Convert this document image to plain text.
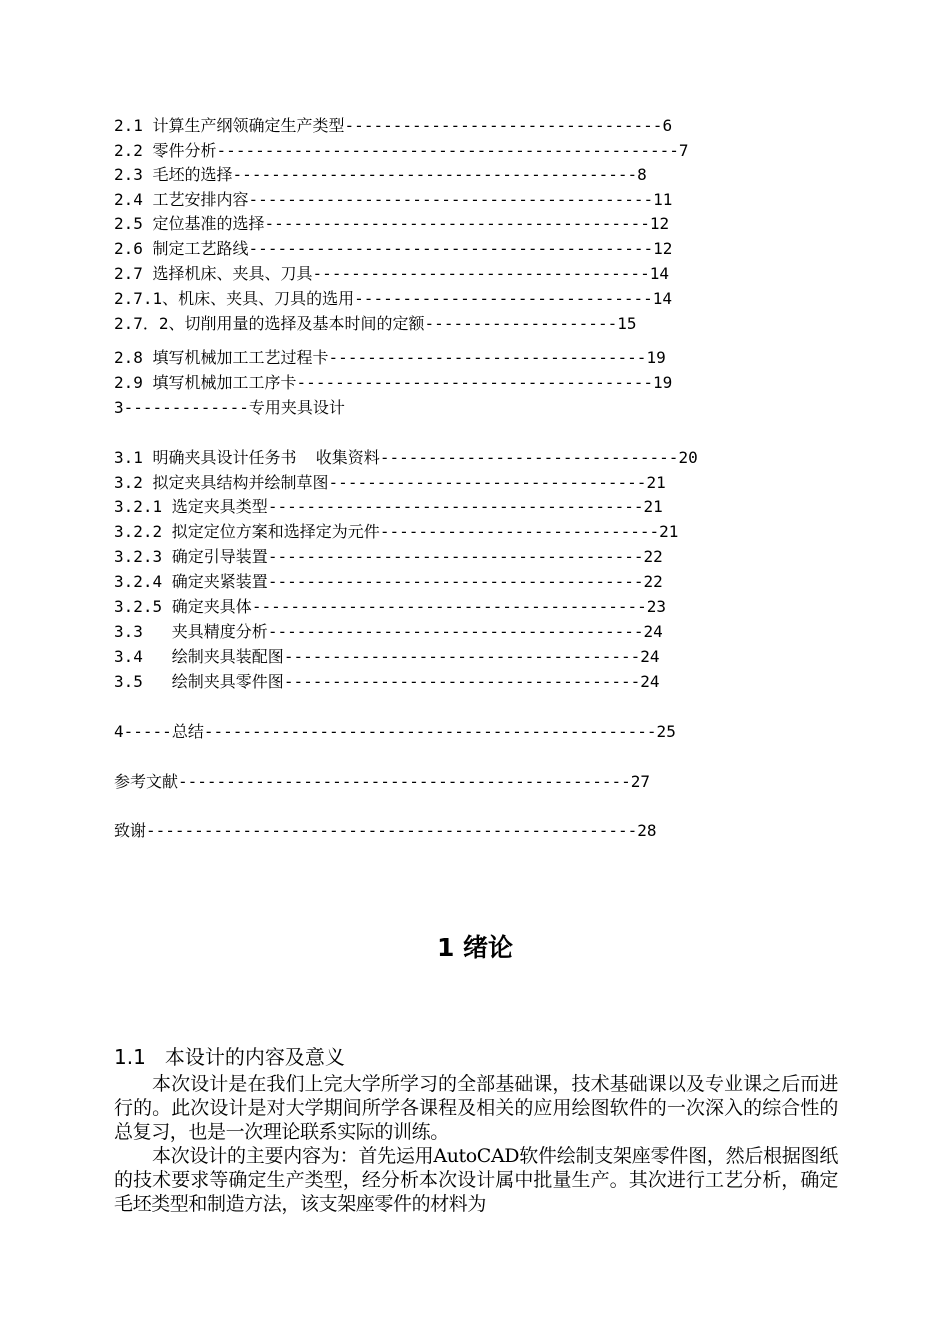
2.1 计算生产纲领确定生产类型---------------------------------6
2.2 零件分析------------------------------------------------7
2.3 毛坯的选择------------------------------------------8
2.4 工艺安排内容------------------------------------------11
2.5 定位基准的选择----------------------------------------12
2.6 制定工艺路线------------------------------------------12
2.7 选择机床、夹具、刀具-----------------------------------14
2.7.1、机床、夹具、刀具的选用-------------------------------14
2.7．2、切削用量的选择及基本时间的定额--------------------15
2.8 填写机械加工工艺过程卡---------------------------------19
2.9 填写机械加工工序卡-------------------------------------19
3-------------专用夹具设计
3.1 明确夹具设计任务书  收集资料-------------------------------20
3.2 拟定夹具结构并绘制草图---------------------------------21
3.2.1 选定夹具类型---------------------------------------21
3.2.2 拟定定位方案和选择定为元件-----------------------------21
3.2.3 确定引导装置---------------------------------------22
3.2.4 确定夹紧装置---------------------------------------22
3.2.5 确定夹具体-----------------------------------------23
3.3   夹具精度分析---------------------------------------24
3.4   绘制夹具装配图-------------------------------------24
3.5   绘制夹具零件图-------------------------------------24
4-----总结-----------------------------------------------25
参考文献-----------------------------------------------27
致谢---------------------------------------------------28
1 绪论
1.1   本设计的内容及意义

本次设计是在我们上完大学所学习的全部基础课，技术基础课以及专业课之后而进行的。此次设计是对大学期间所学各课程及相关的应用绘图软件的一次深入的综合性的总复习，也是一次理论联系实际的训练。

本次设计的主要内容为：首先运用AutoCAD软件绘制支架座零件图，然后根据图纸的技术要求等确定生产类型，经分析本次设计属中批量生产。其次进行工艺分析，确定毛坯类型和制造方法，该支架座零件的材料为
